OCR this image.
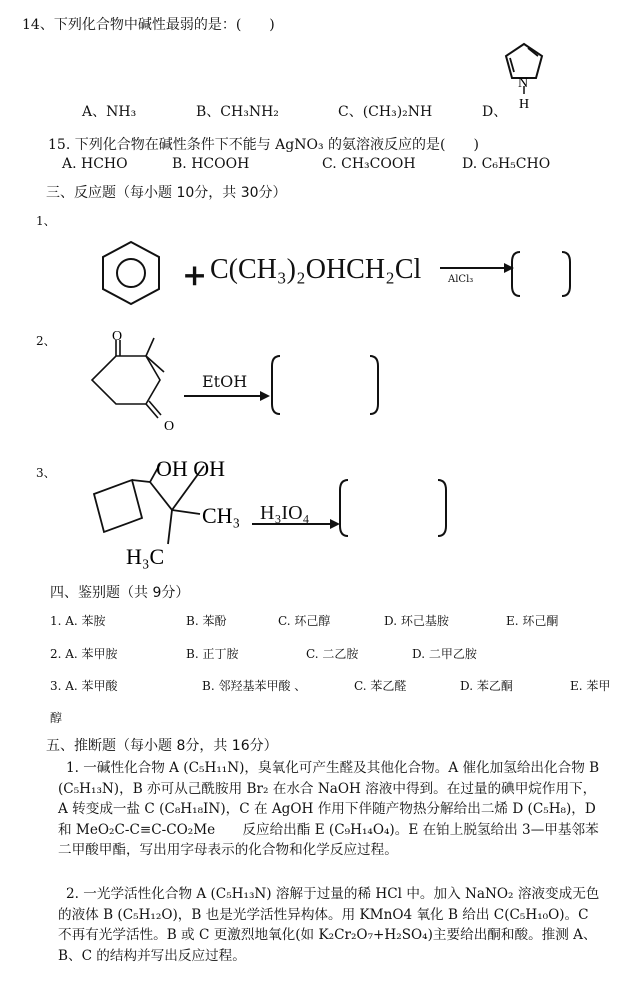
14、下列化合物中碱性最弱的是：(　　)
A、NH₃	B、CH₃NH₂	C、(CH₃)₂NH	D、
N
H
15. 下列化合物在碱性条件下不能与 AgNO₃ 的氨溶液反应的是(　　)
A. HCHO	B. HCOOH	C. CH₃COOH	D. C₆H₅CHO
三、反应题（每小题 10分，共 30分）
1、
+ C(CH₃)₂OHCH₂Cl	AlCl₃
2、	O
O
EtOH
3、	OH OH
CH₃
H₃C
H₃IO₄
四、鉴别题（共 9分）
1. A. 苯胺	B. 苯酚	C. 环己醇	D. 环己基胺	E. 环己酮
2. A. 苯甲胺	B. 正丁胺	C. 二乙胺	D. 二甲乙胺
3. A. 苯甲酸	B. 邻羟基苯甲酸 、	C. 苯乙醛	D. 苯乙酮	E. 苯甲
醇
五、推断题（每小题 8分，共 16分）
1. 一碱性化合物 A (C₅H₁₁N)，臭氧化可产生醛及其他化合物。A 催化加氢给出化合物 B (C₅H₁₃N)，B 亦可从己酰胺用 Br₂ 在水合 NaOH 溶液中得到。在过量的碘甲烷作用下，A 转变成一盐 C (C₈H₁₈IN)，C 在 AgOH 作用下伴随产物热分解给出二烯 D (C₅H₈)，D 和 MeO₂C-C≡C-CO₂Me　　反应给出酯 E (C₉H₁₄O₄)。E 在铂上脱氢给出 3—甲基邻苯二甲酸甲酯，写出用字母表示的化合物和化学反应过程。
2. 一光学活性化合物 A (C₅H₁₃N) 溶解于过量的稀 HCl 中。加入 NaNO₂ 溶液变成无色的液体 B (C₅H₁₂O)，B 也是光学活性异构体。用 KMnO4 氧化 B 给出 C(C₅H₁₀O)。C 不再有光学活性。B 或 C 更激烈地氧化(如 K₂Cr₂O₇+H₂SO₄)主要给出酮和酸。推测 A、B、C 的结构并写出反应过程。
